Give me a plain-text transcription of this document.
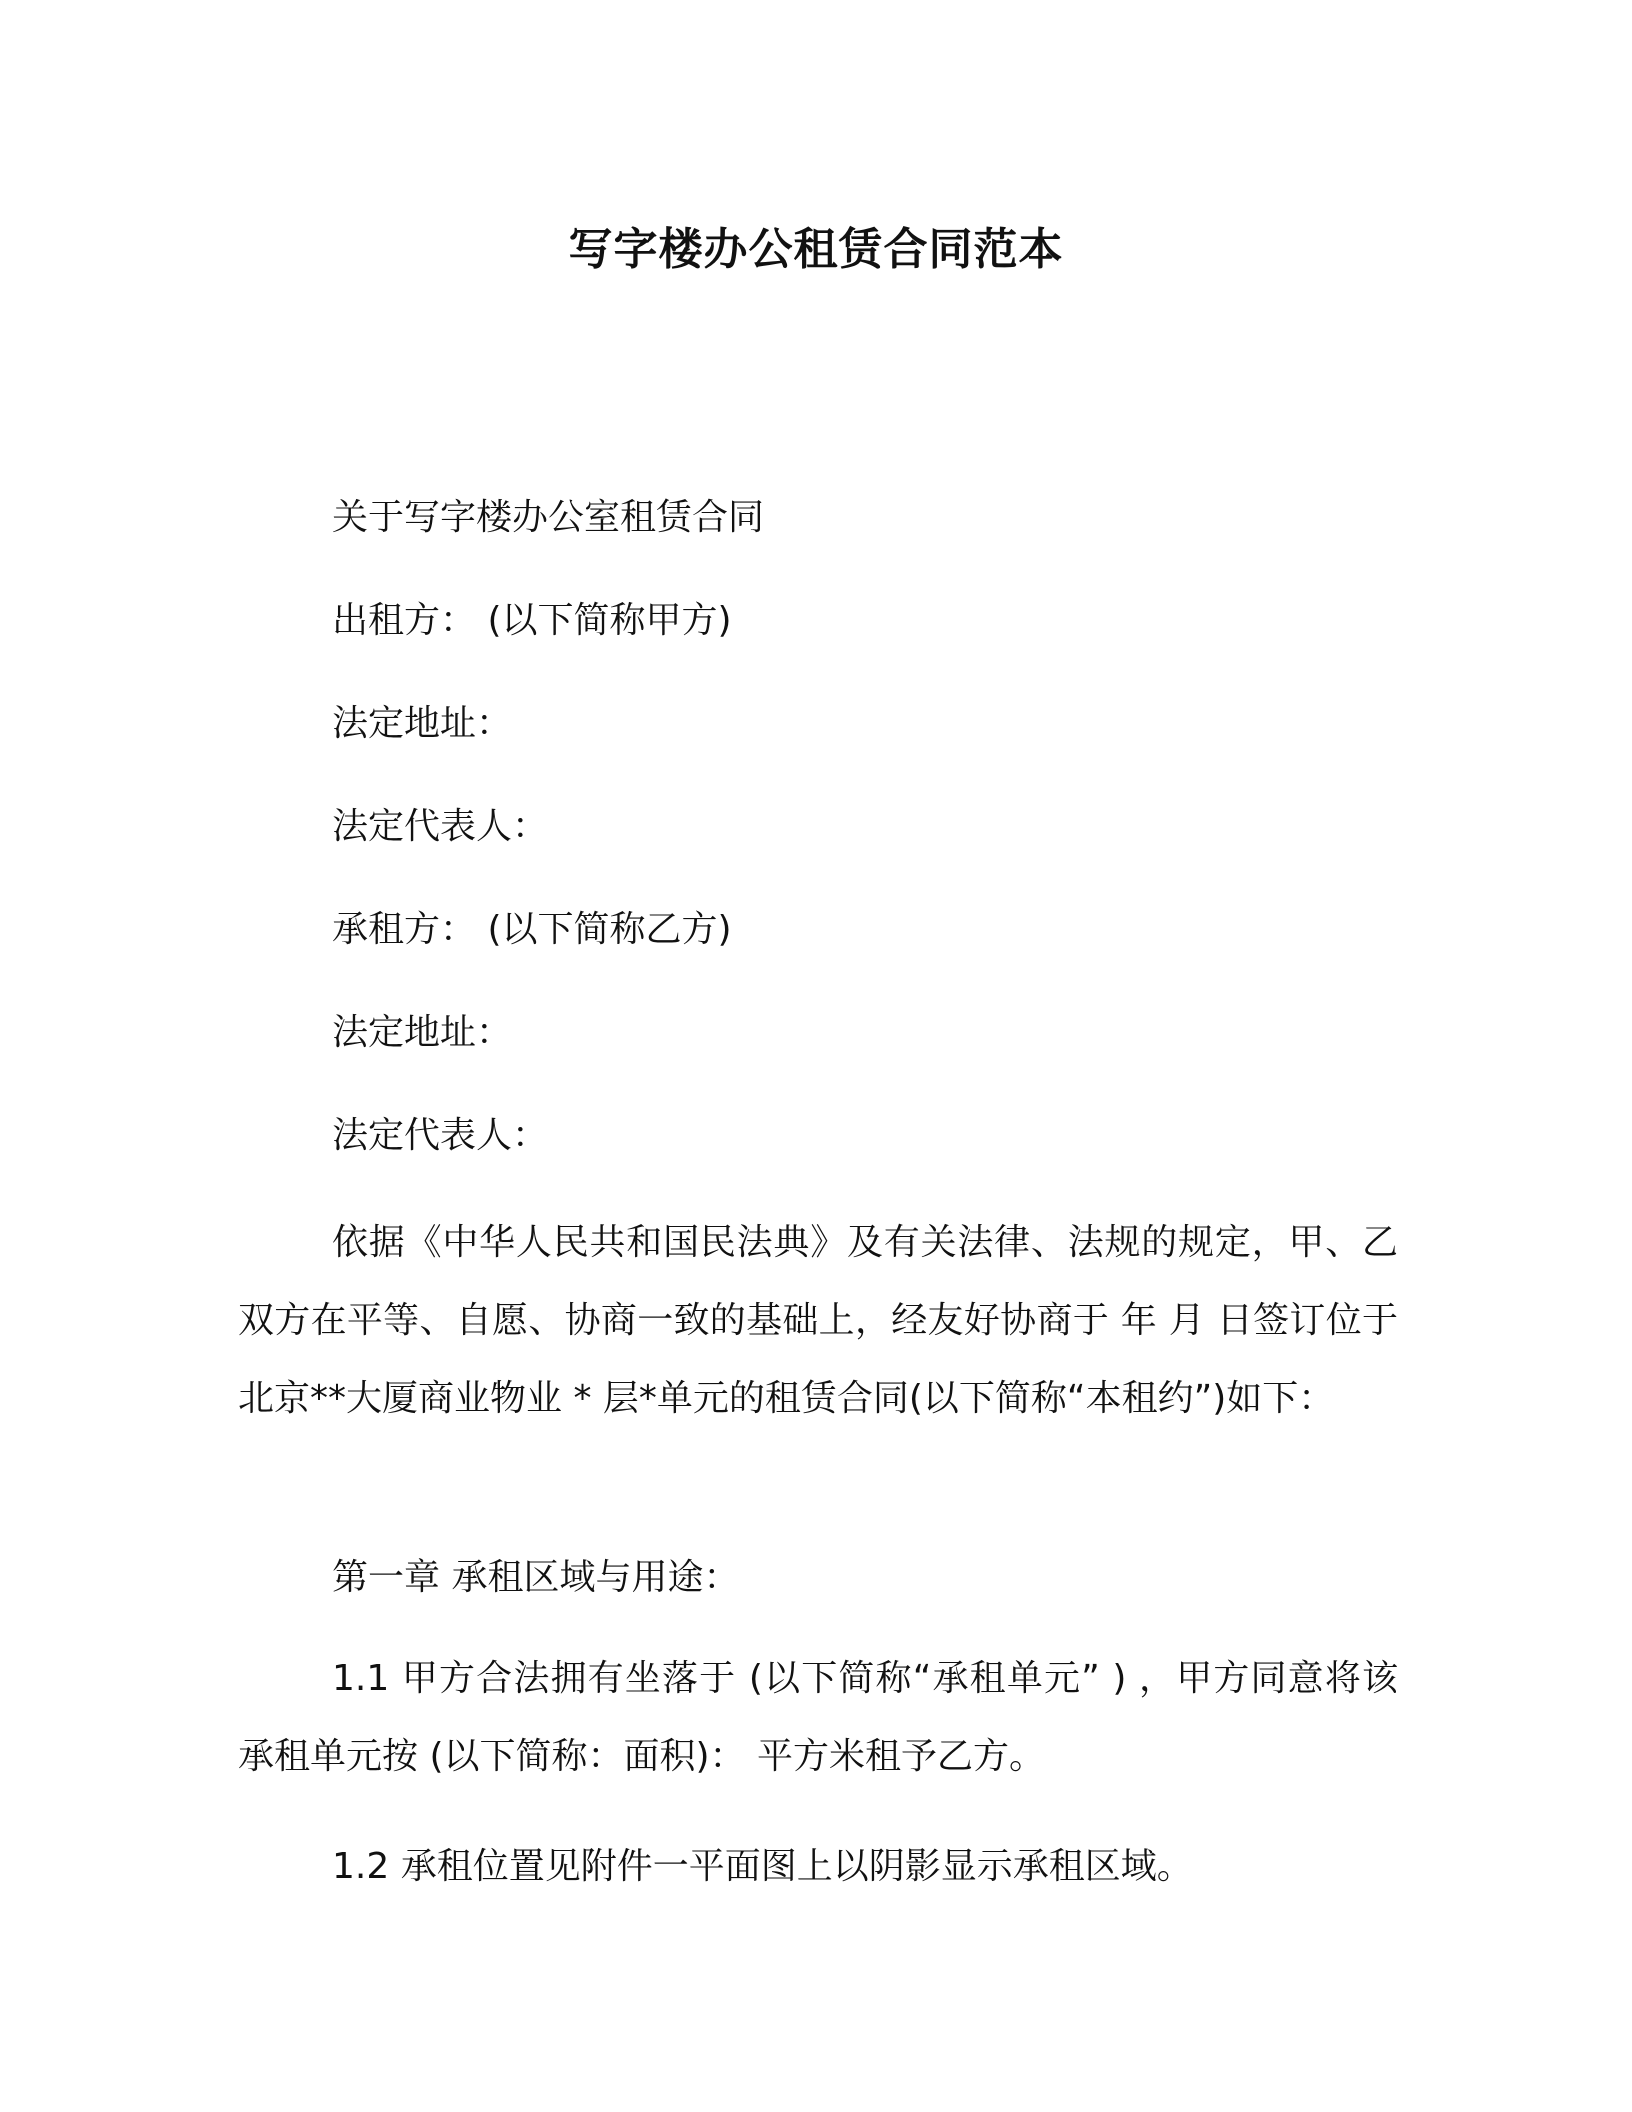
写字楼办公租赁合同范本
关于写字楼办公室租赁合同
出租方： (以下简称甲方)
法定地址：
法定代表人：
承租方： (以下简称乙方)
法定地址：
法定代表人：
依据《中华人民共和国民法典》及有关法律、法规的规定，甲、乙双方在平等、自愿、协商一致的基础上，经友好协商于 年 月 日签订位于 北京**大厦商业物业 * 层*单元的租赁合同(以下简称“本租约”)如下：
第一章 承租区域与用途：
1.1 甲方合法拥有坐落于 (以下简称“承租单元” ) ，甲方同意将该承租单元按 (以下简称：面积)： 平方米租予乙方。
1.2 承租位置见附件一平面图上以阴影显示承租区域。
